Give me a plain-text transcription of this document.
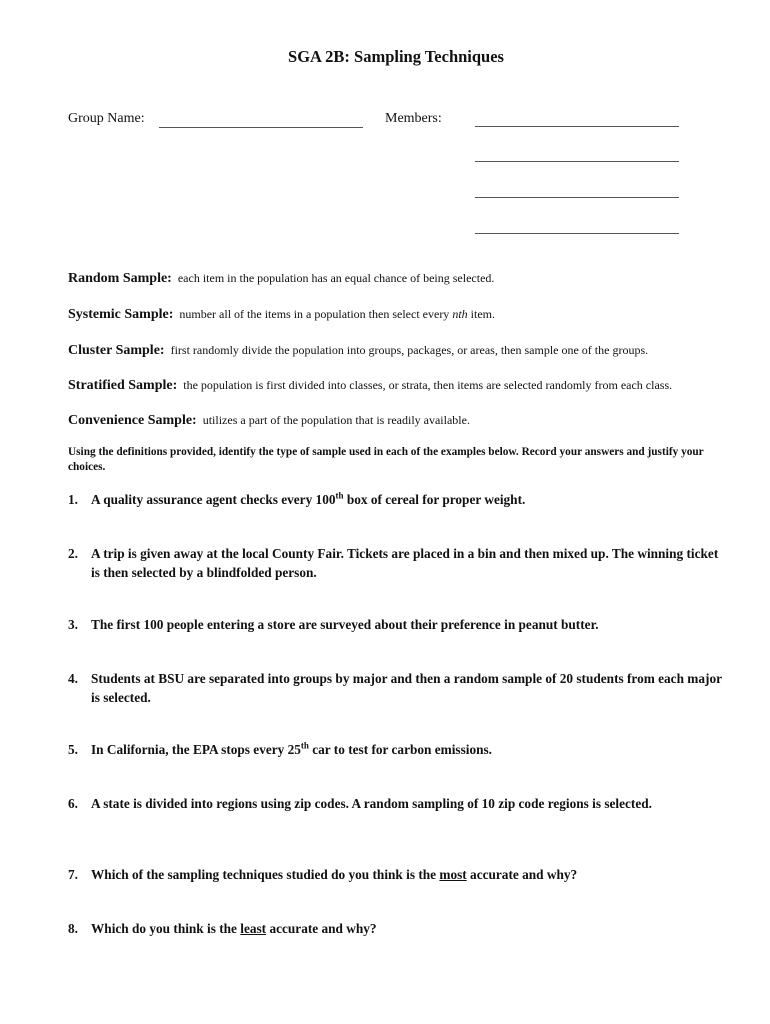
SGA 2B: Sampling Techniques
Group Name:	Members:
Random Sample: each item in the population has an equal chance of being selected.
Systemic Sample: number all of the items in a population then select every nth item.
Cluster Sample: first randomly divide the population into groups, packages, or areas, then sample one of the groups.
Stratified Sample: the population is first divided into classes, or strata, then items are selected randomly from each class.
Convenience Sample: utilizes a part of the population that is readily available.
Using the definitions provided, identify the type of sample used in each of the examples below. Record your answers and justify your choices.
1. A quality assurance agent checks every 100th box of cereal for proper weight.
2. A trip is given away at the local County Fair. Tickets are placed in a bin and then mixed up. The winning ticket is then selected by a blindfolded person.
3. The first 100 people entering a store are surveyed about their preference in peanut butter.
4. Students at BSU are separated into groups by major and then a random sample of 20 students from each major is selected.
5. In California, the EPA stops every 25th car to test for carbon emissions.
6. A state is divided into regions using zip codes. A random sampling of 10 zip code regions is selected.
7. Which of the sampling techniques studied do you think is the most accurate and why?
8. Which do you think is the least accurate and why?
